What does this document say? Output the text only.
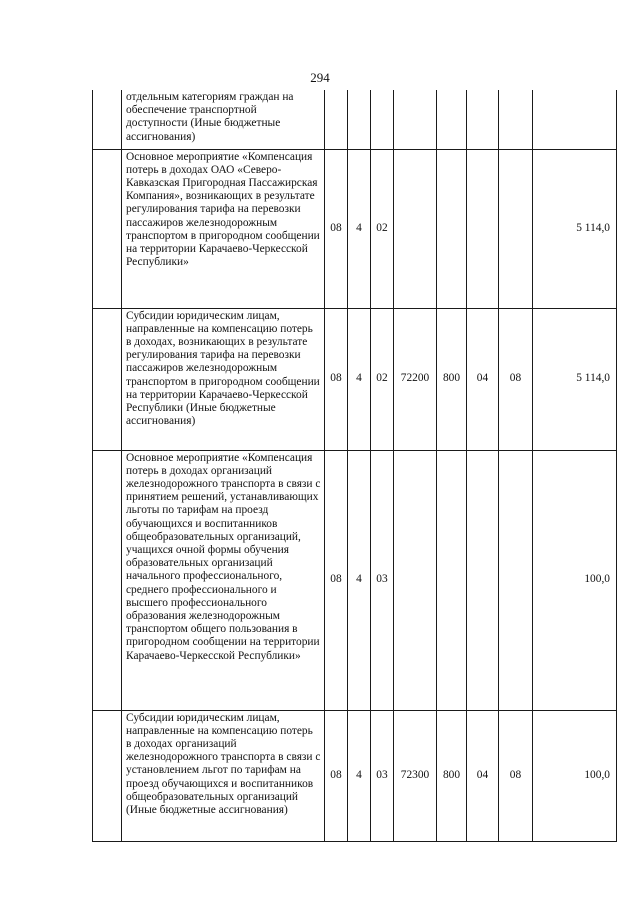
294
	отдельным категориям граждан на обеспечение транспортной доступности (Иные бюджетные ассигнования)								
	Основное мероприятие «Компенсация потерь в доходах ОАО «Северо-Кавказская Пригородная Пассажирская Компания», возникающих в результате регулирования тарифа на перевозки пассажиров железнодорожным транспортом в пригородном сообщении на территории Карачаево-Черкесской Республики»	08	4	02					5 114,0
	Субсидии юридическим лицам, направленные на компенсацию потерь в доходах, возникающих в результате регулирования тарифа на перевозки пассажиров железнодорожным транспортом в пригородном сообщении на территории Карачаево-Черкесской Республики (Иные бюджетные ассигнования)	08	4	02	72200	800	04	08	5 114,0
	Основное мероприятие «Компенсация потерь в доходах организаций железнодорожного транспорта в связи с принятием решений, устанавливающих льготы по тарифам на проезд обучающихся и воспитанников общеобразовательных организаций, учащихся очной формы обучения образовательных организаций начального профессионального, среднего профессионального и высшего профессионального образования железнодорожным транспортом общего пользования в пригородном сообщении на территории Карачаево-Черкесской Республики»	08	4	03					100,0
	Субсидии юридическим лицам, направленные на компенсацию потерь в доходах организаций железнодорожного транспорта в связи с установлением льгот по тарифам на проезд обучающихся и воспитанников общеобразовательных организаций (Иные бюджетные ассигнования)	08	4	03	72300	800	04	08	100,0
